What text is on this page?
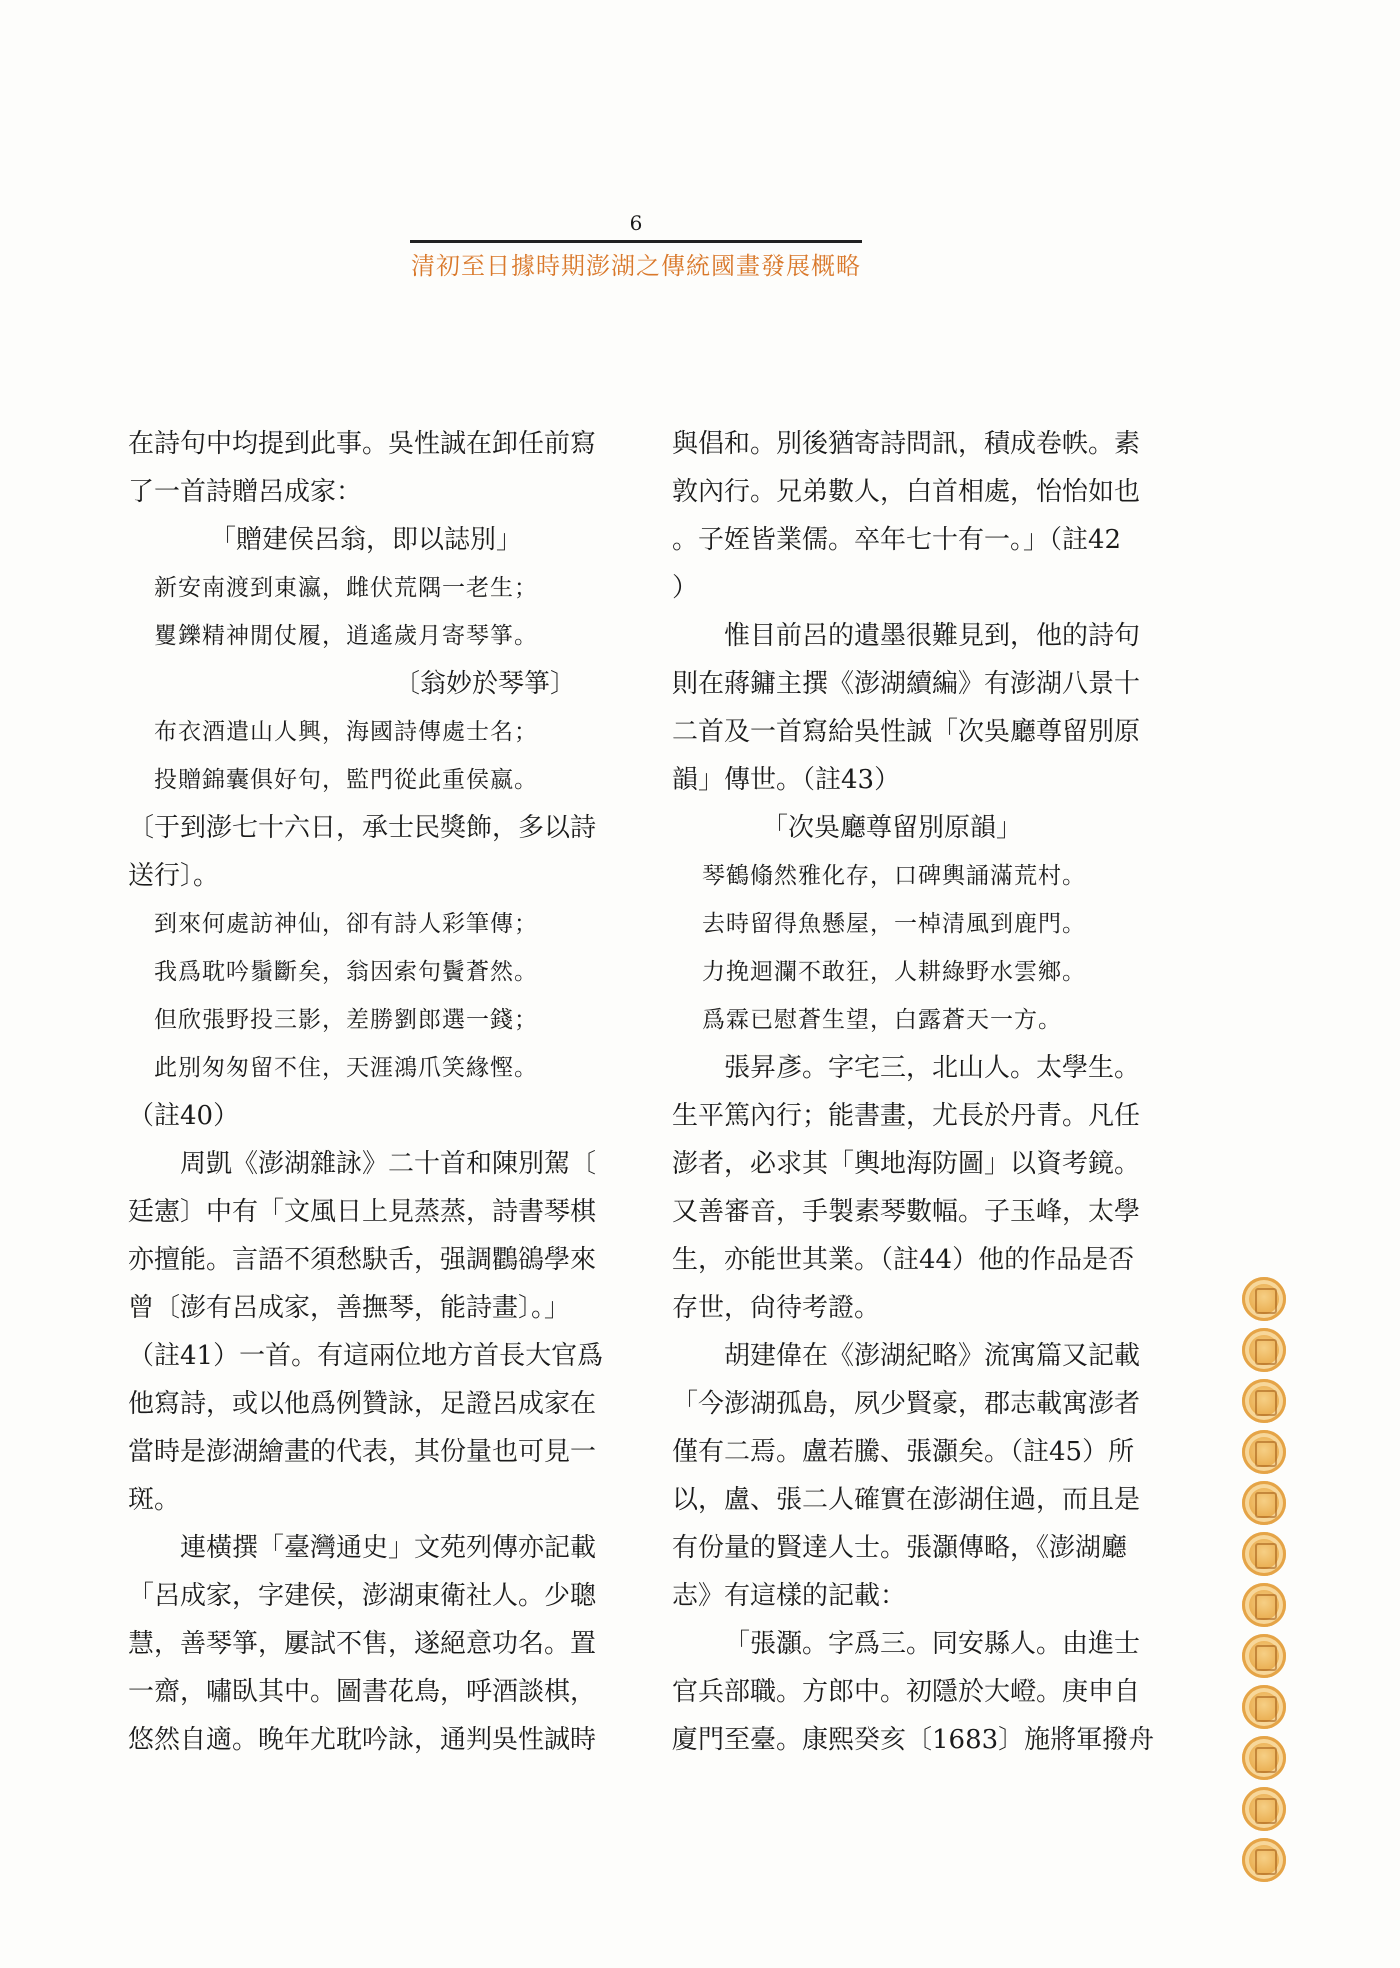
6
清初至日據時期澎湖之傳統國畫發展概略
在詩句中均提到此事。吳性誠在卸任前寫
了一首詩贈呂成家：
「贈建侯呂翁，即以誌別」
新安南渡到東瀛，雌伏荒隅一老生；
矍鑠精神閒仗履，逍遙歲月寄琴箏。
〔翁妙於琴箏〕
布衣酒遣山人興，海國詩傳處士名；
投贈錦囊俱好句，監門從此重侯嬴。
〔于到澎七十六日，承士民獎飾，多以詩
送行〕。
到來何處訪神仙，卻有詩人彩筆傳；
我爲耽吟鬚斷矣，翁因索句鬢蒼然。
但欣張野投三影，差勝劉郎選一錢；
此別匆匆留不住，天涯鴻爪笑緣慳。
（註40）
周凱《澎湖雜詠》二十首和陳別駕〔
廷憲〕中有「文風日上見蒸蒸，詩書琴棋
亦擅能。言語不須愁駃舌，强調鸜鵒學來
曾〔澎有呂成家，善撫琴，能詩畫〕。」
（註41）一首。有這兩位地方首長大官爲
他寫詩，或以他爲例贊詠，足證呂成家在
當時是澎湖繪畫的代表，其份量也可見一
斑。
連橫撰「臺灣通史」文苑列傳亦記載
「呂成家，字建侯，澎湖東衛社人。少聰
慧，善琴箏，屢試不售，遂絕意功名。置
一齋，嘯臥其中。圖書花鳥，呼酒談棋，
悠然自適。晚年尤耽吟詠，通判吳性誠時
與倡和。別後猶寄詩問訊，積成卷帙。素
敦內行。兄弟數人，白首相處，怡怡如也
。子姪皆業儒。卒年七十有一。」（註42
）
惟目前呂的遺墨很難見到，他的詩句
則在蔣鏞主撰《澎湖續編》有澎湖八景十
二首及一首寫給吳性誠「次吳廳尊留別原
韻」傳世。（註43）
「次吳廳尊留別原韻」
琴鶴翛然雅化存，口碑輿誦滿荒村。
去時留得魚懸屋，一棹清風到鹿門。
力挽迴瀾不敢狂，人耕綠野水雲鄉。
爲霖已慰蒼生望，白露蒼天一方。
張昇彥。字宅三，北山人。太學生。
生平篤內行；能書畫，尤長於丹青。凡任
澎者，必求其「輿地海防圖」以資考鏡。
又善審音，手製素琴數幅。子玉峰，太學
生，亦能世其業。（註44）他的作品是否
存世，尙待考證。
胡建偉在《澎湖紀略》流寓篇又記載
「今澎湖孤島，夙少賢豪，郡志載寓澎者
僅有二焉。盧若騰、張灝矣。（註45）所
以，盧、張二人確實在澎湖住過，而且是
有份量的賢達人士。張灝傳略，《澎湖廳
志》有這樣的記載：
「張灝。字爲三。同安縣人。由進士
官兵部職。方郎中。初隱於大嶝。庚申自
廈門至臺。康熙癸亥〔1683〕施將軍撥舟
